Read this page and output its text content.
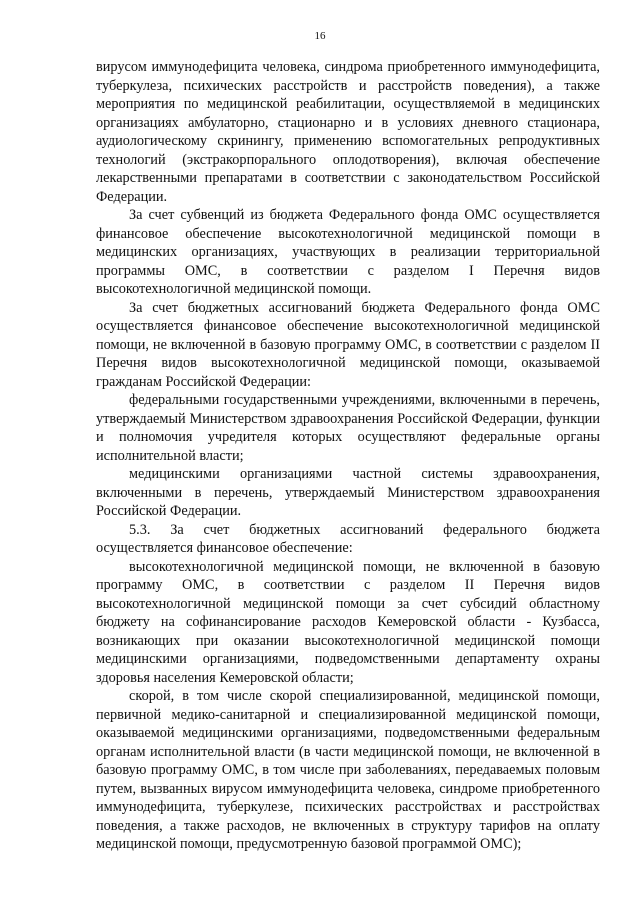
16

вирусом иммунодефицита человека, синдрома приобретенного иммунодефицита, туберкулеза, психических расстройств и расстройств поведения), а также мероприятия по медицинской реабилитации, осуществляемой в медицинских организациях амбулаторно, стационарно и в условиях дневного стационара, аудиологическому скринингу, применению вспомогательных репродуктивных технологий (экстракорпорального оплодотворения), включая обеспечение лекарственными препаратами в соответствии с законодательством Российской Федерации.

За счет субвенций из бюджета Федерального фонда ОМС осуществляется финансовое обеспечение высокотехнологичной медицинской помощи в медицинских организациях, участвующих в реализации территориальной программы ОМС, в соответствии с разделом I Перечня видов высокотехнологичной медицинской помощи.

За счет бюджетных ассигнований бюджета Федерального фонда ОМС осуществляется финансовое обеспечение высокотехнологичной медицинской помощи, не включенной в базовую программу ОМС, в соответствии с разделом II Перечня видов высокотехнологичной медицинской помощи, оказываемой гражданам Российской Федерации:

федеральными государственными учреждениями, включенными в перечень, утверждаемый Министерством здравоохранения Российской Федерации, функции и полномочия учредителя которых осуществляют федеральные органы исполнительной власти;

медицинскими организациями частной системы здравоохранения, включенными в перечень, утверждаемый Министерством здравоохранения Российской Федерации.

5.3. За счет бюджетных ассигнований федерального бюджета осуществляется финансовое обеспечение:

высокотехнологичной медицинской помощи, не включенной в базовую программу ОМС, в соответствии с разделом II Перечня видов высокотехнологичной медицинской помощи за счет субсидий областному бюджету на софинансирование расходов Кемеровской области - Кузбасса, возникающих при оказании высокотехнологичной медицинской помощи медицинскими организациями, подведомственными департаменту охраны здоровья населения Кемеровской области;

скорой, в том числе скорой специализированной, медицинской помощи, первичной медико-санитарной и специализированной медицинской помощи, оказываемой медицинскими организациями, подведомственными федеральным органам исполнительной власти (в части медицинской помощи, не включенной в базовую программу ОМС, в том числе при заболеваниях, передаваемых половым путем, вызванных вирусом иммунодефицита человека, синдроме приобретенного иммунодефицита, туберкулезе, психических расстройствах и расстройствах поведения, а также расходов, не включенных в структуру тарифов на оплату медицинской помощи, предусмотренную базовой программой ОМС);
